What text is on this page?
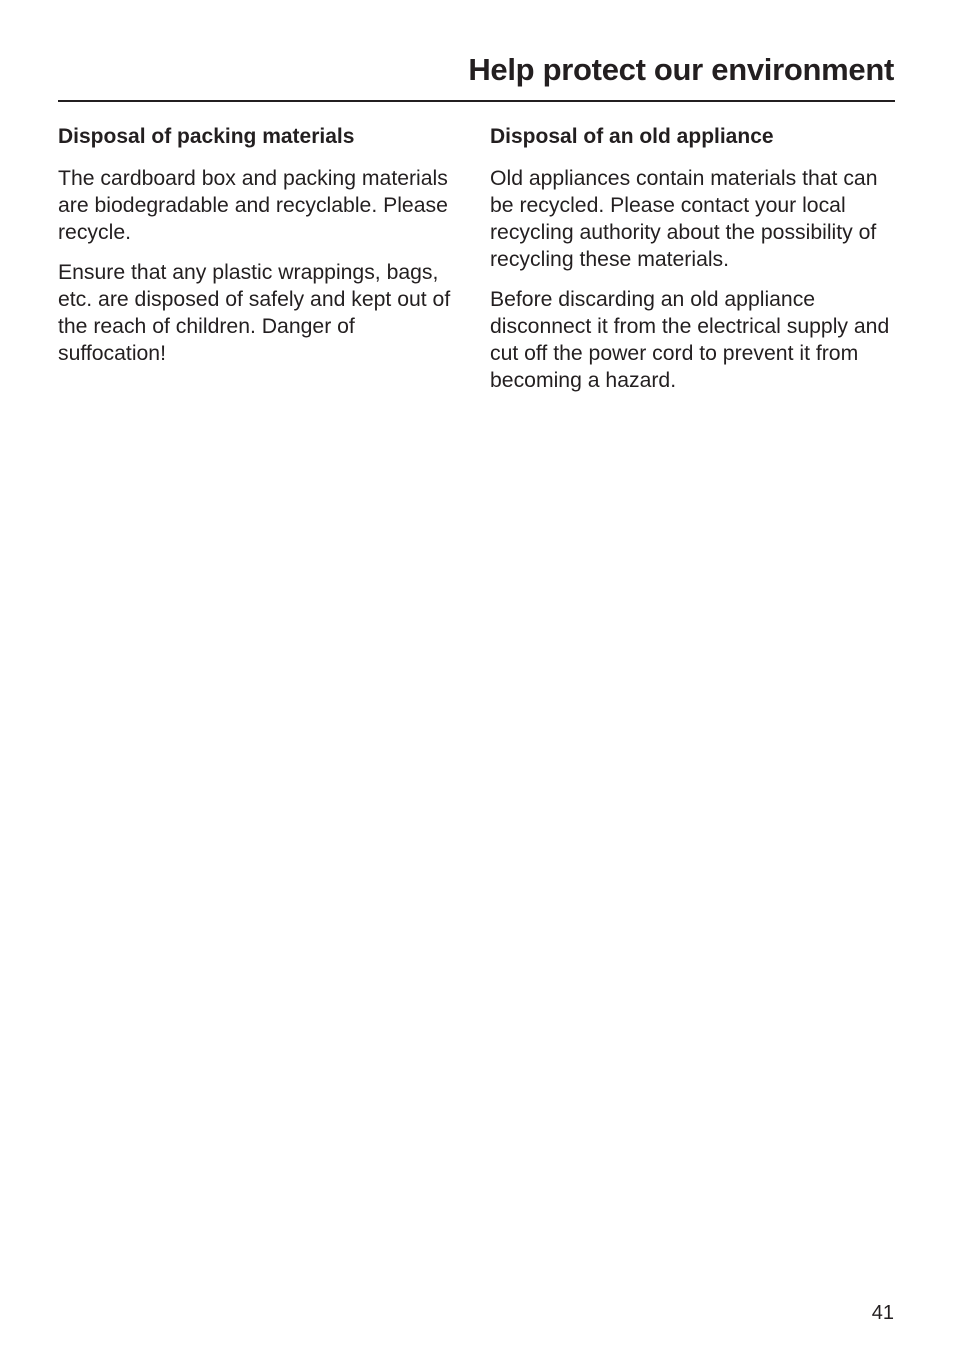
Help protect our environment
Disposal of packing materials

The cardboard box and packing materials are biodegradable and recyclable. Please recycle.

Ensure that any plastic wrappings, bags, etc. are disposed of safely and kept out of the reach of children. Danger of suffocation!

Disposal of an old appliance

Old appliances contain materials that can be recycled. Please contact your local recycling authority about the possibility of recycling these materials.

Before discarding an old appliance disconnect it from the electrical supply and cut off the power cord to prevent it from becoming a hazard.

41
